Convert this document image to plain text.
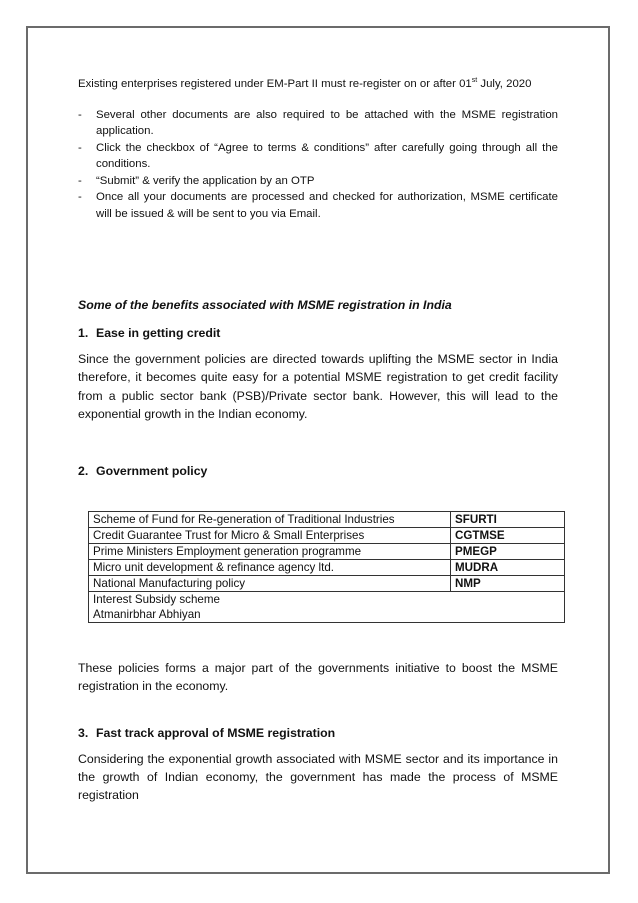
Existing enterprises registered under EM-Part II must re-register on or after 01st July, 2020
- Several other documents are also required to be attached with the MSME registration application.
- Click the checkbox of “Agree to terms & conditions” after carefully going through all the conditions.
- “Submit” & verify the application by an OTP
- Once all your documents are processed and checked for authorization, MSME certificate will be issued & will be sent to you via Email.
Some of the benefits associated with MSME registration in India
1. Ease in getting credit
Since the government policies are directed towards uplifting the MSME sector in India therefore, it becomes quite easy for a potential MSME registration to get credit facility from a public sector bank (PSB)/Private sector bank. However, this will lead to the exponential growth in the Indian economy.
2. Government policy
Scheme of Fund for Re-generation of Traditional Industries	SFURTI
Credit Guarantee Trust for Micro & Small Enterprises	CGTMSE
Prime Ministers Employment generation programme	PMEGP
Micro unit development & refinance agency ltd.	MUDRA
National Manufacturing policy	NMP

Interest Subsidy scheme
Atmanirbhar Abhiyan	
These policies forms a major part of the governments initiative to boost the MSME registration in the economy.
3. Fast track approval of MSME registration
Considering the exponential growth associated with MSME sector and its importance in the growth of Indian economy, the government has made the process of MSME registration
